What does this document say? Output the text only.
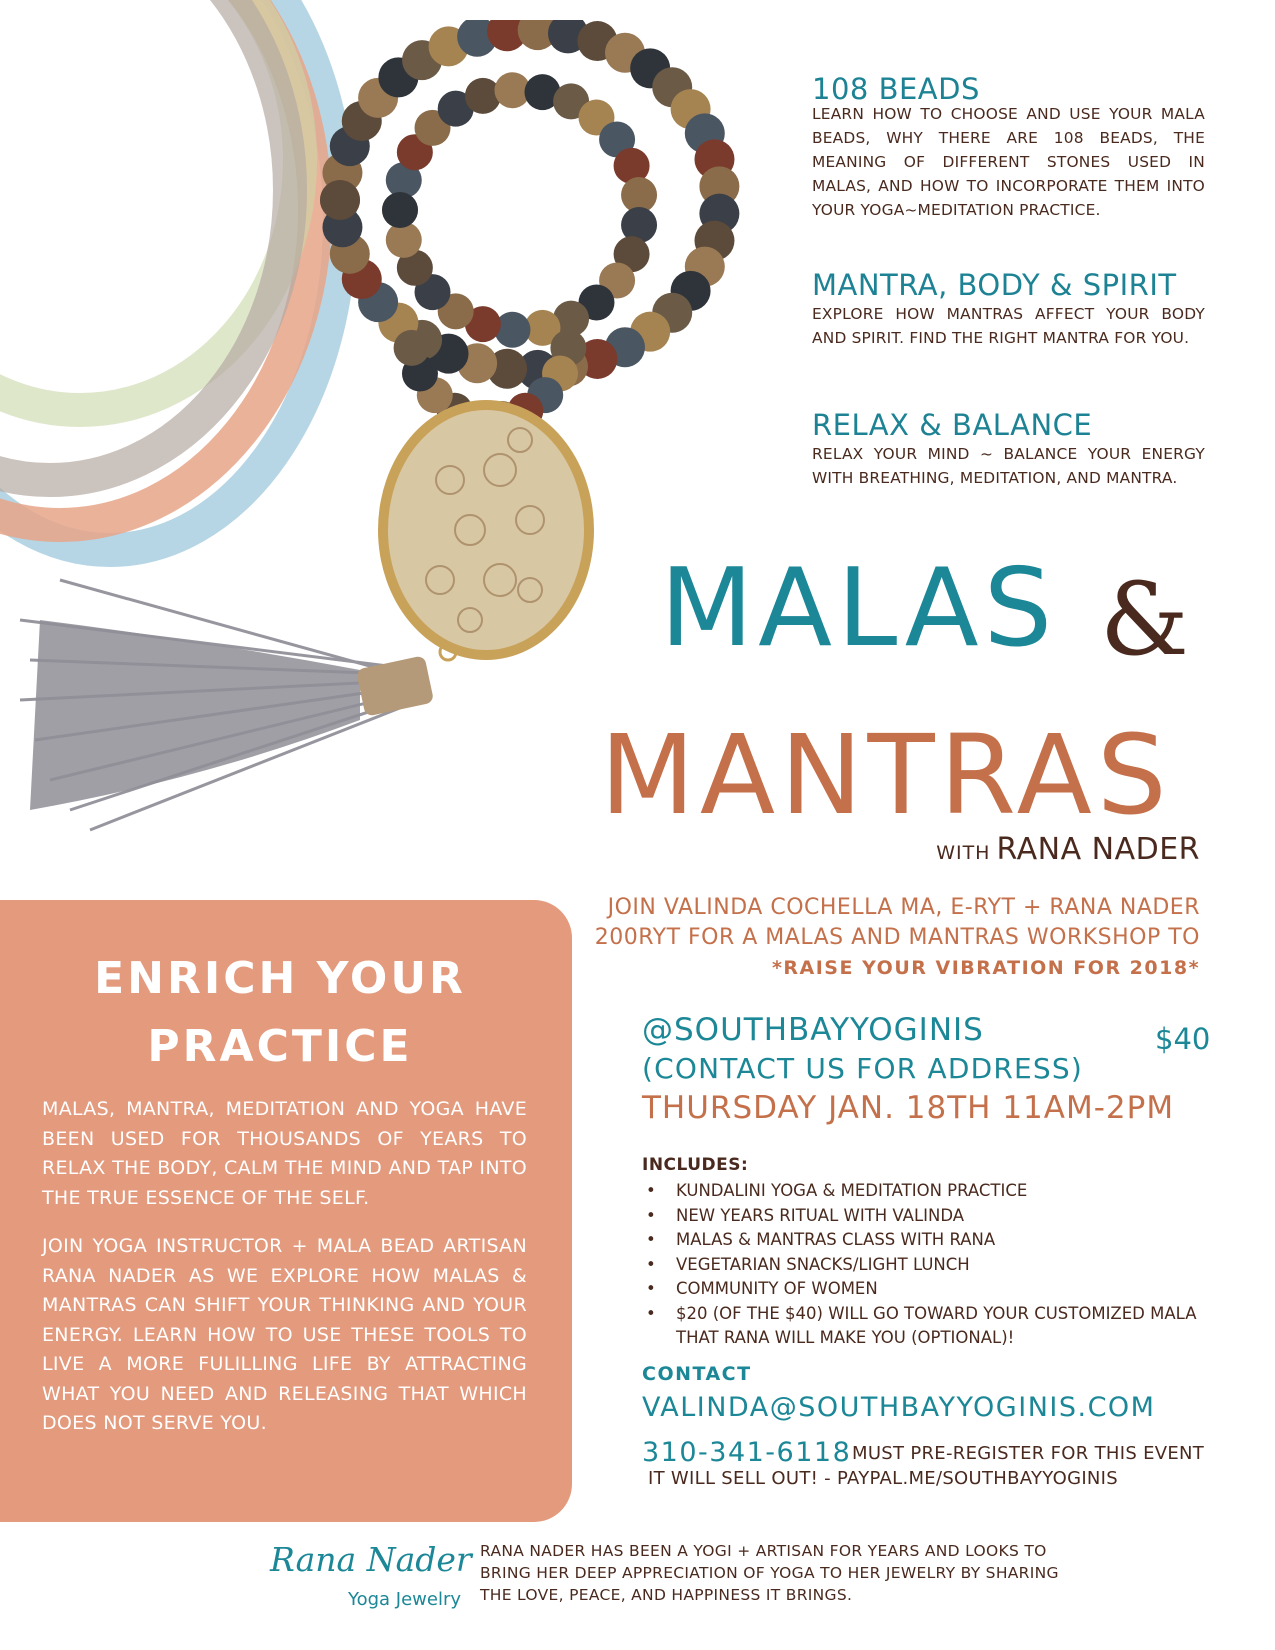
108 BEADS
LEARN HOW TO CHOOSE AND USE YOUR MALA BEADS, WHY THERE ARE 108 BEADS, THE MEANING OF DIFFERENT STONES USED IN MALAS, AND HOW TO INCORPORATE THEM INTO YOUR YOGA~MEDITATION PRACTICE.
MANTRA, BODY & SPIRIT
EXPLORE HOW MANTRAS AFFECT YOUR BODY AND SPIRIT. FIND THE RIGHT MANTRA FOR YOU.
RELAX & BALANCE
RELAX YOUR MIND ~ BALANCE YOUR ENERGY WITH BREATHING, MEDITATION, AND MANTRA.
MALAS &
MANTRAS
WITH RANA NADER
JOIN VALINDA COCHELLA MA, E-RYT + RANA NADER
200RYT FOR A MALAS AND MANTRAS WORKSHOP TO
*RAISE YOUR VIBRATION FOR 2018*
@SOUTHBAYYOGINIS	$40
(CONTACT US FOR ADDRESS)
THURSDAY JAN. 18TH 11AM-2PM
INCLUDES:
• KUNDALINI YOGA & MEDITATION PRACTICE
• NEW YEARS RITUAL WITH VALINDA
• MALAS & MANTRAS CLASS WITH RANA
• VEGETARIAN SNACKS/LIGHT LUNCH
• COMMUNITY OF WOMEN
• $20 (OF THE $40) WILL GO TOWARD YOUR CUSTOMIZED MALA THAT RANA WILL MAKE YOU (OPTIONAL)!
CONTACT
VALINDA@SOUTHBAYYOGINIS.COM
310-341-6118 MUST PRE-REGISTER FOR THIS EVENT
IT WILL SELL OUT! - PAYPAL.ME/SOUTHBAYYOGINIS
ENRICH YOUR
PRACTICE
MALAS, MANTRA, MEDITATION AND YOGA HAVE BEEN USED FOR THOUSANDS OF YEARS TO RELAX THE BODY, CALM THE MIND AND TAP INTO THE TRUE ESSENCE OF THE SELF.
JOIN YOGA INSTRUCTOR + MALA BEAD ARTISAN RANA NADER AS WE EXPLORE HOW MALAS & MANTRAS CAN SHIFT YOUR THINKING AND YOUR ENERGY. LEARN HOW TO USE THESE TOOLS TO LIVE A MORE FULILLING LIFE BY ATTRACTING WHAT YOU NEED AND RELEASING THAT WHICH DOES NOT SERVE YOU.
Rana Nader
Yoga Jewelry
RANA NADER HAS BEEN A YOGI + ARTISAN FOR YEARS AND LOOKS TO BRING HER DEEP APPRECIATION OF YOGA TO HER JEWELRY BY SHARING THE LOVE, PEACE, AND HAPPINESS IT BRINGS.
